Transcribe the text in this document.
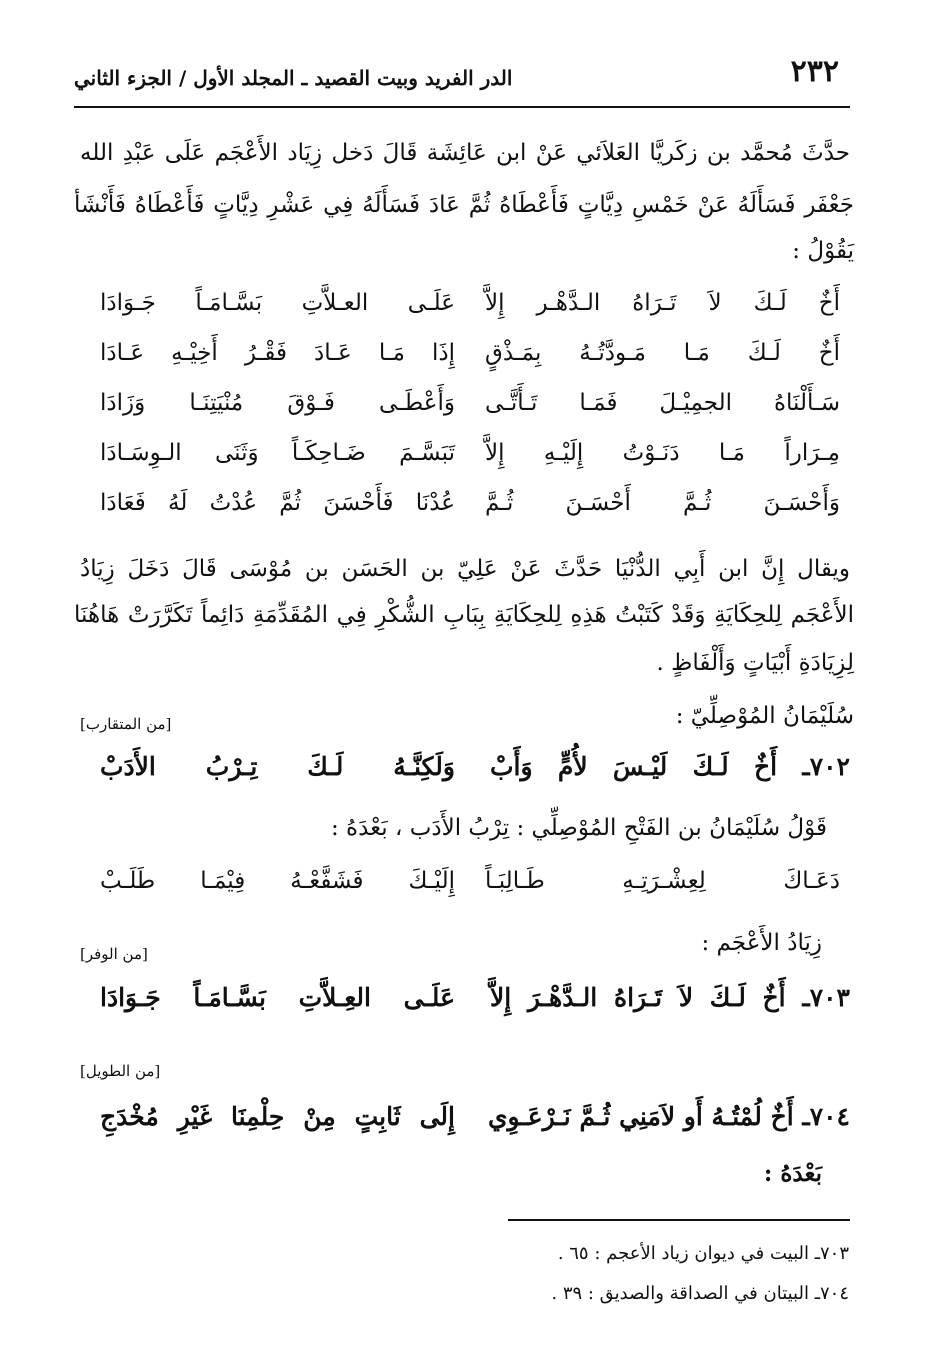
٢٣٢
الدر الفريد وبيت القصيد ـ المجلد الأول / الجزء الثاني
حدَّثَ مُحمَّد بن زكَريَّا العَلاَئي عَنْ ابن عَائِشَة قَالَ دَخل زِيَاد الأَعْجَم عَلَى عَبْدِ الله
جَعْفَر فَسَأَلَهُ عَنْ خَمْسِ دِيَّاتٍ فَأَعْطَاهُ ثُمَّ عَادَ فَسَأَلَهُ فِي عَشْرِ دِيَّاتٍ فَأَعْطَاهُ فَأَنْشَأ
يَقُوْلُ :
أَخٌ لَـكَ لاَ تَـرَاهُ الـدَّهْـر إِلاَّ
عَلَـى العـلاَّتِ بَسَّـامَـاً جَـوَادَا
أَخٌ لَـكَ مَـا مَـودَّتُـهُ بِمَـذْقٍ
إِذَا مَـا عَـادَ فَقْـرُ أَخِيْـهِ عَـادَا
سَـأَلْنَاهُ الجمِيْـلَ فَمَـا تَـأَتَّـى
وَأَعْطَـى فَـوْقَ مُنْيَتِنَـا وَزَادَا
مِـرَاراً مَـا دَنَـوْتُ إِلَيْـهِ إِلاَّ
تَبَسَّـمَ ضَـاحِكَـاً وَثَنَى الـوِسَـادَا
وَأَحْسَـنَ ثُـمَّ أَحْسَـنَ ثُـمَّ
عُدْنَا فَأَحْسَنَ ثُمَّ عُدْتُ لَهُ فَعَادَا
ويقال إِنَّ ابن أَبِي الدُّنْيَا حَدَّثَ عَنْ عَلِيّ بن الحَسَن بن مُوْسَى قَالَ دَخَلَ زِيَادُ
الأَعْجَم لِلحِكَايَةِ وَقَدْ كَتَبْتُ هَذِهِ لِلحِكَايَةِ بِبَابِ الشُّكْرِ فِي المُقَدِّمَةِ دَائِماً تَكَرَّرَتْ هَاهُنَا
لِزِيَادَةِ أَبْيَاتٍ وَأَلْفَاظٍ .
سُلَيْمَانُ المُوْصِلِّيّ :
[من المتقارب]
٧٠٢ـ أَخٌ لَـكَ لَيْـسَ لأُمٍّ وَأَبْ
وَلَكِنَّـهُ لَـكَ تِـرْبُ الأَدَبْ
قَوْلُ سُلَيْمَانُ بن الفَتْحِ المُوْصِلِّي : تِرْبُ الأَدَب ، بَعْدَهُ :
دَعَـاكَ لِعِشْـرَتِـهِ طَـالِبَـاً
إِلَيْـكَ فَشَفَّعْـهُ فِيْمَـا طَلَـبْ
زِيَادُ الأَعْجَم :
[من الوفر]
٧٠٣ـ أَخٌ لَـكَ لاَ تَـرَاهُ الـدَّهْـرَ إِلاَّ
عَلَـى العِـلاَّتِ بَسَّـامَـاً جَـوَادَا
[من الطويل]
٧٠٤ـ أَخٌ لُمْتُـهُ أَو لاَمَنِي ثُـمَّ نَـرْعَـوِي
إِلَى ثَابِتٍ مِنْ حِلْمِنَا غَيْرِ مُخْدَجِ
بَعْدَهُ :
٧٠٣ـ البيت في ديوان زياد الأعجم : ٦٥ .
٧٠٤ـ البيتان في الصداقة والصديق : ٣٩ .
